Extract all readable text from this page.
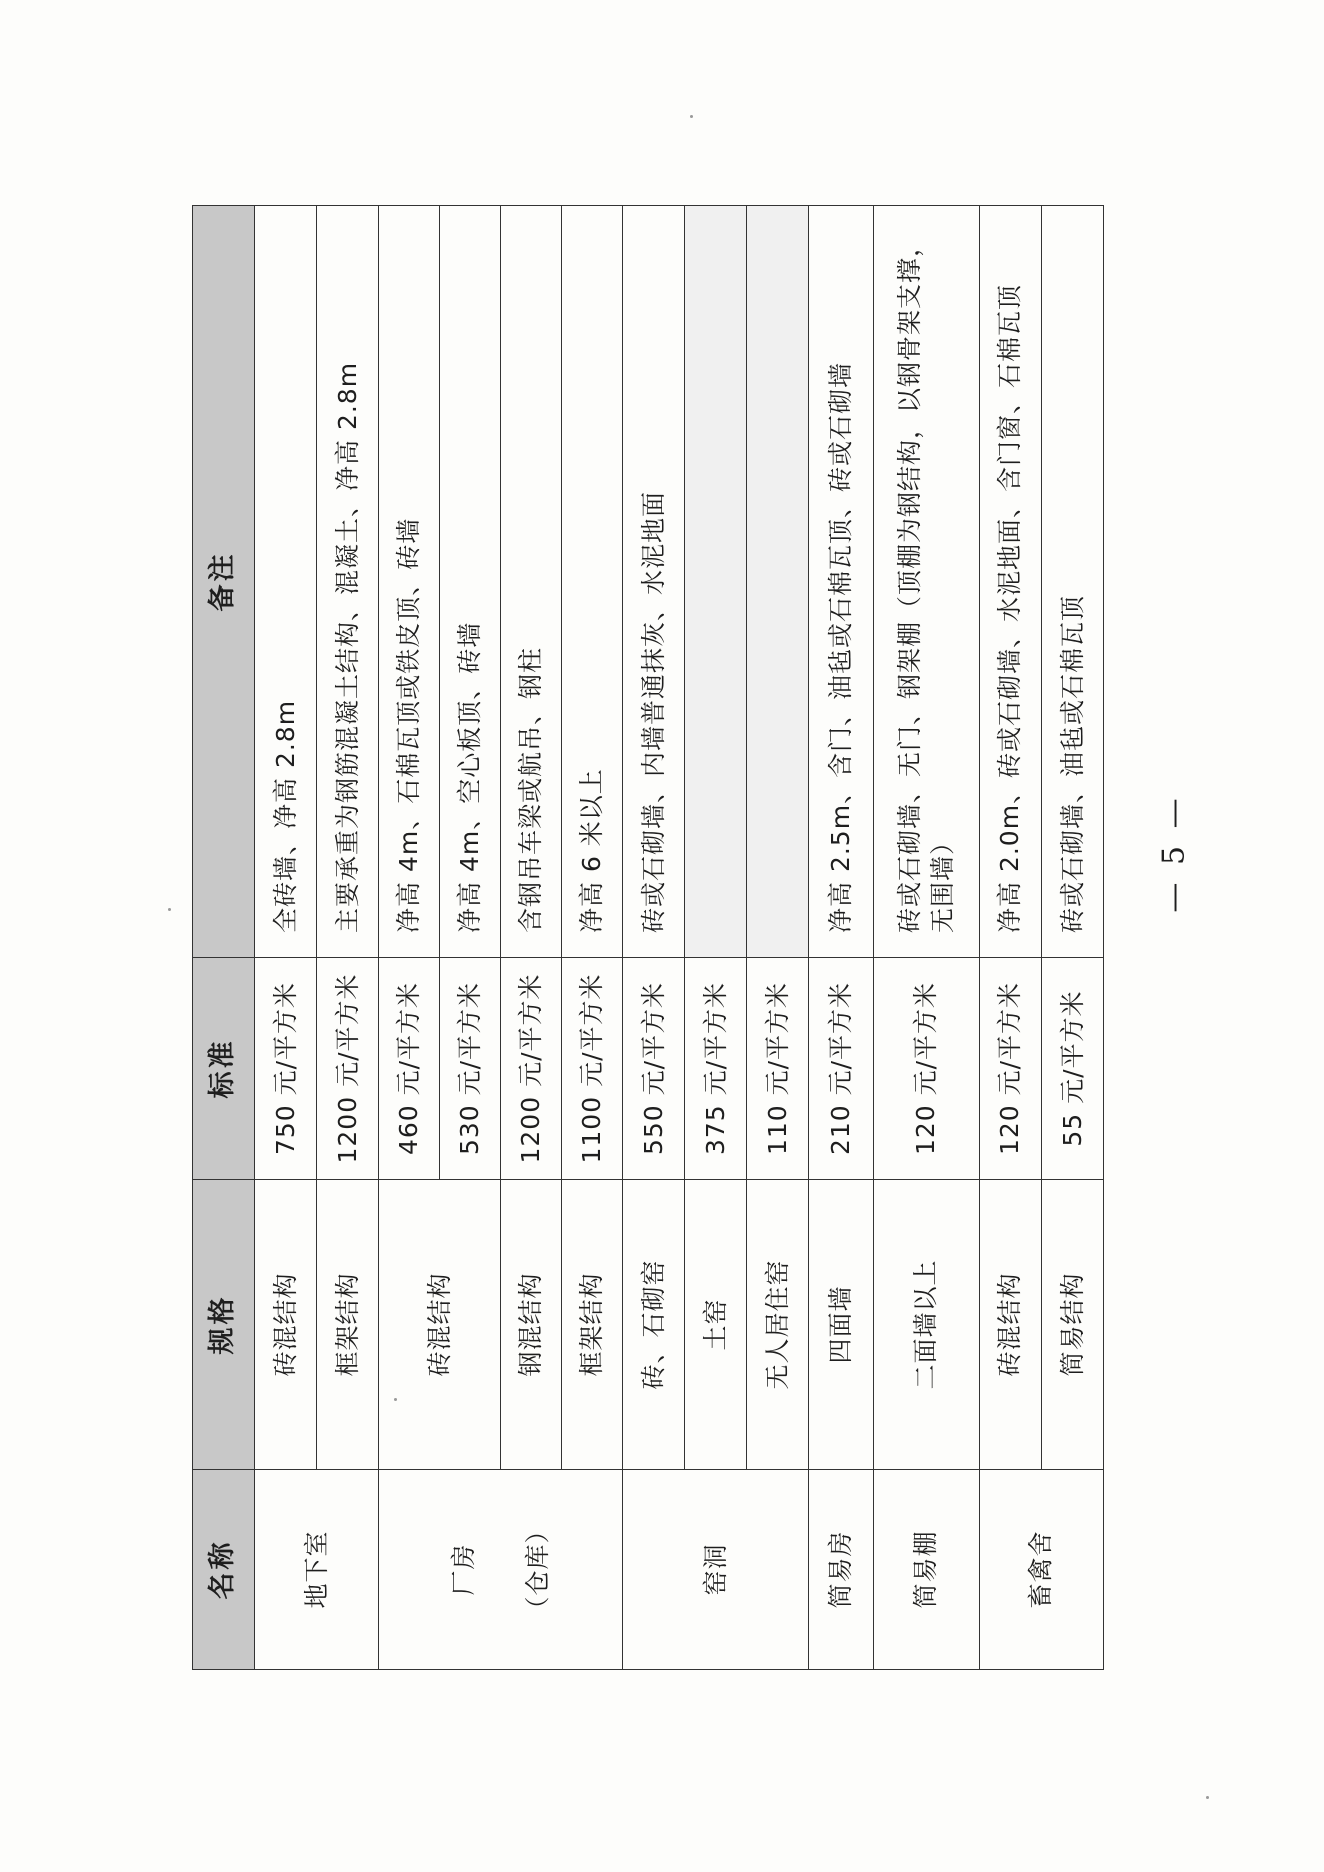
名称	规格	标准	备注
地下室	砖混结构	750 元/平方米	全砖墙、净高 2.8m
	框架结构	1200 元/平方米	主要承重为钢筋混凝土结构、混凝土、净高 2.8m

厂房 （仓库）	砖混结构	460 元/平方米	净高 4m、石棉瓦顶或铁皮顶、砖墙
		530 元/平方米	净高 4m、空心板顶、砖墙
	钢混结构	1200 元/平方米	含钢吊车梁或航吊、钢柱
	框架结构	1100 元/平方米	净高 6 米以上
窑洞	砖、石砌窑	550 元/平方米	砖或石砌墙、内墙普通抹灰、水泥地面
	土窑	375 元/平方米	
	无人居住窑	110 元/平方米	
简易房	四面墙	210 元/平方米	净高 2.5m、含门、油毡或石棉瓦顶、砖或石砌墙
简易棚	二面墙以上	120 元/平方米	砖或石砌墙、无门、钢架棚（顶棚为钢结构，以钢骨架支撑，无围墙）
畜禽舍	砖混结构	120 元/平方米	净高 2.0m、砖或石砌墙、水泥地面、含门窗、石棉瓦顶
	简易结构	55 元/平方米	砖或石砌墙、油毡或石棉瓦顶 — 5 —
